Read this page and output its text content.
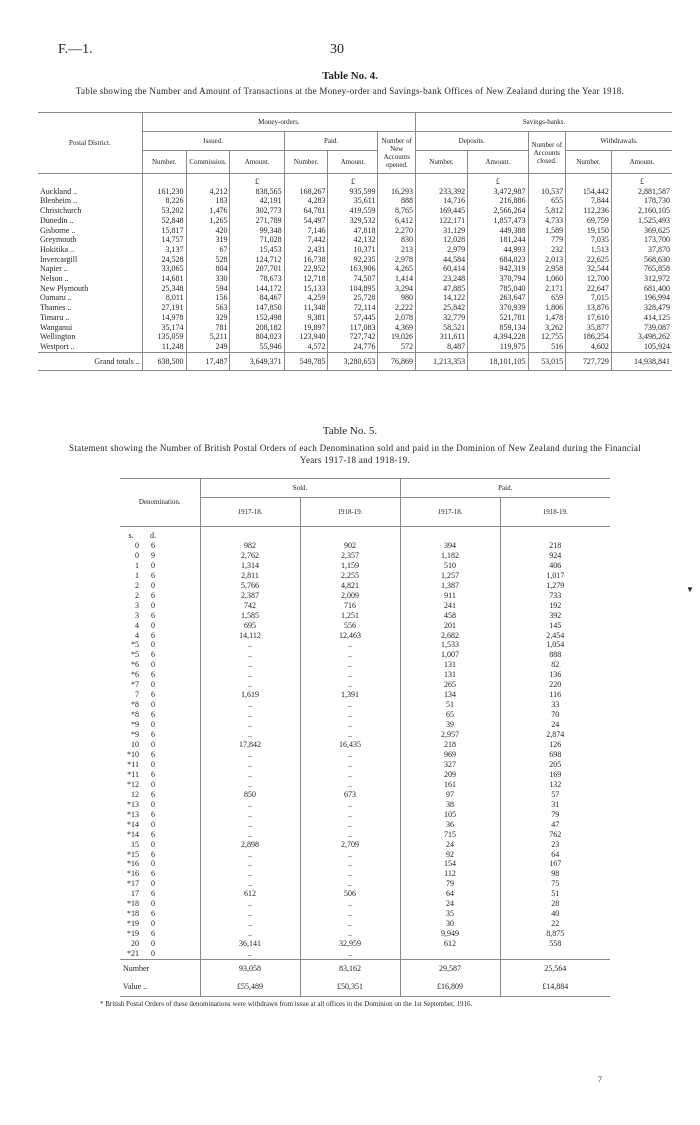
F.—1.	30
Table No. 4.
Table showing the Number and Amount of Transactions at the Money-order and Savings-bank Offices of New Zealand during the Year 1918.
Postal District.	Money-orders.						Savings-banks.				
	Issued.			Paid.		Number of New Accounts opened.	Deposits.		Number of Accounts closed.	Withdrawals.	
	Number.	Commission.	Amount.	Number.	Amount.		Number.	Amount.		Number.	Amount.
			£		£			£			£
Auckland ..	161,230	4,212	838,565	168,267	935,599	16,293	233,392	3,472,987	10,537	154,442	2,881,587
Blenheim ..	8,226	183	42,191	4,283	35,611	888	14,716	216,886	655	7,844	178,730
Christchurch	53,202	1,476	302,773	64,781	419,559	8,765	169,445	2,566,264	5,812	112,236	2,160,105
Dunedin ..	52,848	1,265	271,789	54,497	329,532	6,412	122,171	1,857,473	4,733	69,759	1,525,493
Gisborne ..	15,817	420	99,348	7,146	47,818	2,270	31,129	449,388	1,589	19,150	369,625
Greymouth	14,757	319	71,028	7,442	42,132	830	12,028	181,244	779	7,035	173,700
Hokitika ..	3,137	67	15,453	2,431	10,371	213	2,979	44,993	232	1,513	37,870
Invercargill	24,528	528	124,712	16,738	92,235	2,978	44,584	684,023	2,013	22,625	568,630
Napier ..	33,065	804	207,701	22,952	163,906	4,265	60,414	942,319	2,958	32,544	765,858
Nelson ..	14,681	330	78,673	12,718	74,507	1,414	23,248	370,794	1,060	12,700	312,972
New Plymouth	25,348	594	144,172	15,133	104,895	3,294	47,885	785,040	2,171	22,647	681,400
Oamaru ..	8,011	156	84,467	4,259	25,728	980	14,122	263,647	659	7,015	196,994
Thames ..	27,191	563	147,850	11,348	72,114	2,222	25,842	370,939	1,806	13,876	328,479
Timaru ..	14,978	329	152,498	9,381	57,445	2,078	32,779	521,781	1,478	17,610	414,125
Wanganui	35,174	781	208,182	19,897	117,083	4,369	58,521	859,134	3,262	35,877	739,087
Wellington	135,059	5,211	804,023	123,940	727,742	19,026	311,611	4,394,228	12,755	186,254	3,498,262
Westport ..	11,248	249	55,946	4,572	24,776	572	8,487	119,975	516	4,602	105,924
Grand totals ..	638,500	17,487	3,649,371	549,785	3,280,653	76,869	1,213,353	18,101,105	53,015	727,729	14,938,841
Table No. 5.
Statement showing the Number of British Postal Orders of each Denomination sold and paid in the Dominion of New Zealand during the Financial Years 1917-18 and 1918-19.
Denomination.			Sold.		Paid.	
			1917-18.	1918-19.	1917-18.	1918-19.
s.	d.					
0	6		982	902	394	218
0	9		2,762	2,357	1,182	924
1	0		1,314	1,159	510	406
1	6		2,811	2,255	1,257	1,017
2	0		5,766	4,821	1,387	1,279
2	6		2,387	2,009	911	733
3	0		742	716	241	192
3	6		1,585	1,251	458	392
4	0		695	556	201	145
4	6		14,112	12,463	2,682	2,454
*5	0		..	..	1,533	1,054
*5	6		..	..	1,007	888
*6	0		..	..	131	82
*6	6		..	..	131	136
*7	0		..	..	265	220
7	6		1,619	1,391	134	116
*8	0		..	..	51	33
*8	6		..	..	65	70
*9	0		..	..	39	24
*9	6		..	..	2,957	2,874
10	0		17,842	16,435	218	126
*10	6		..	..	969	698
*11	0		..	..	327	205
*11	6		..	..	209	169
*12	0		..	..	161	132
12	6		850	673	97	57
*13	0		..	..	38	31
*13	6		..	..	105	79
*14	0		..	..	36	47
*14	6		..	..	715	762
15	0		2,898	2,709	24	23
*15	6		..	..	92	64
*16	0		..	..	154	167
*16	6		..	..	112	98
*17	0		..	..	79	75
17	6		612	506	64	51
*18	0		..	..	24	28
*18	6		..	..	35	40
*19	0		..	..	30	22
*19	6		..	..	9,949	8,875
20	0		36,141	32,959	612	558
*21	0		..	..		
Number			93,058	83,162	29,587	25,564
Value ..			£55,489	£50,351	£16,809	£14,884
* British Postal Orders of these denominations were withdrawn from issue at all offices in the Dominion on the 1st September, 1916.
▼
7
